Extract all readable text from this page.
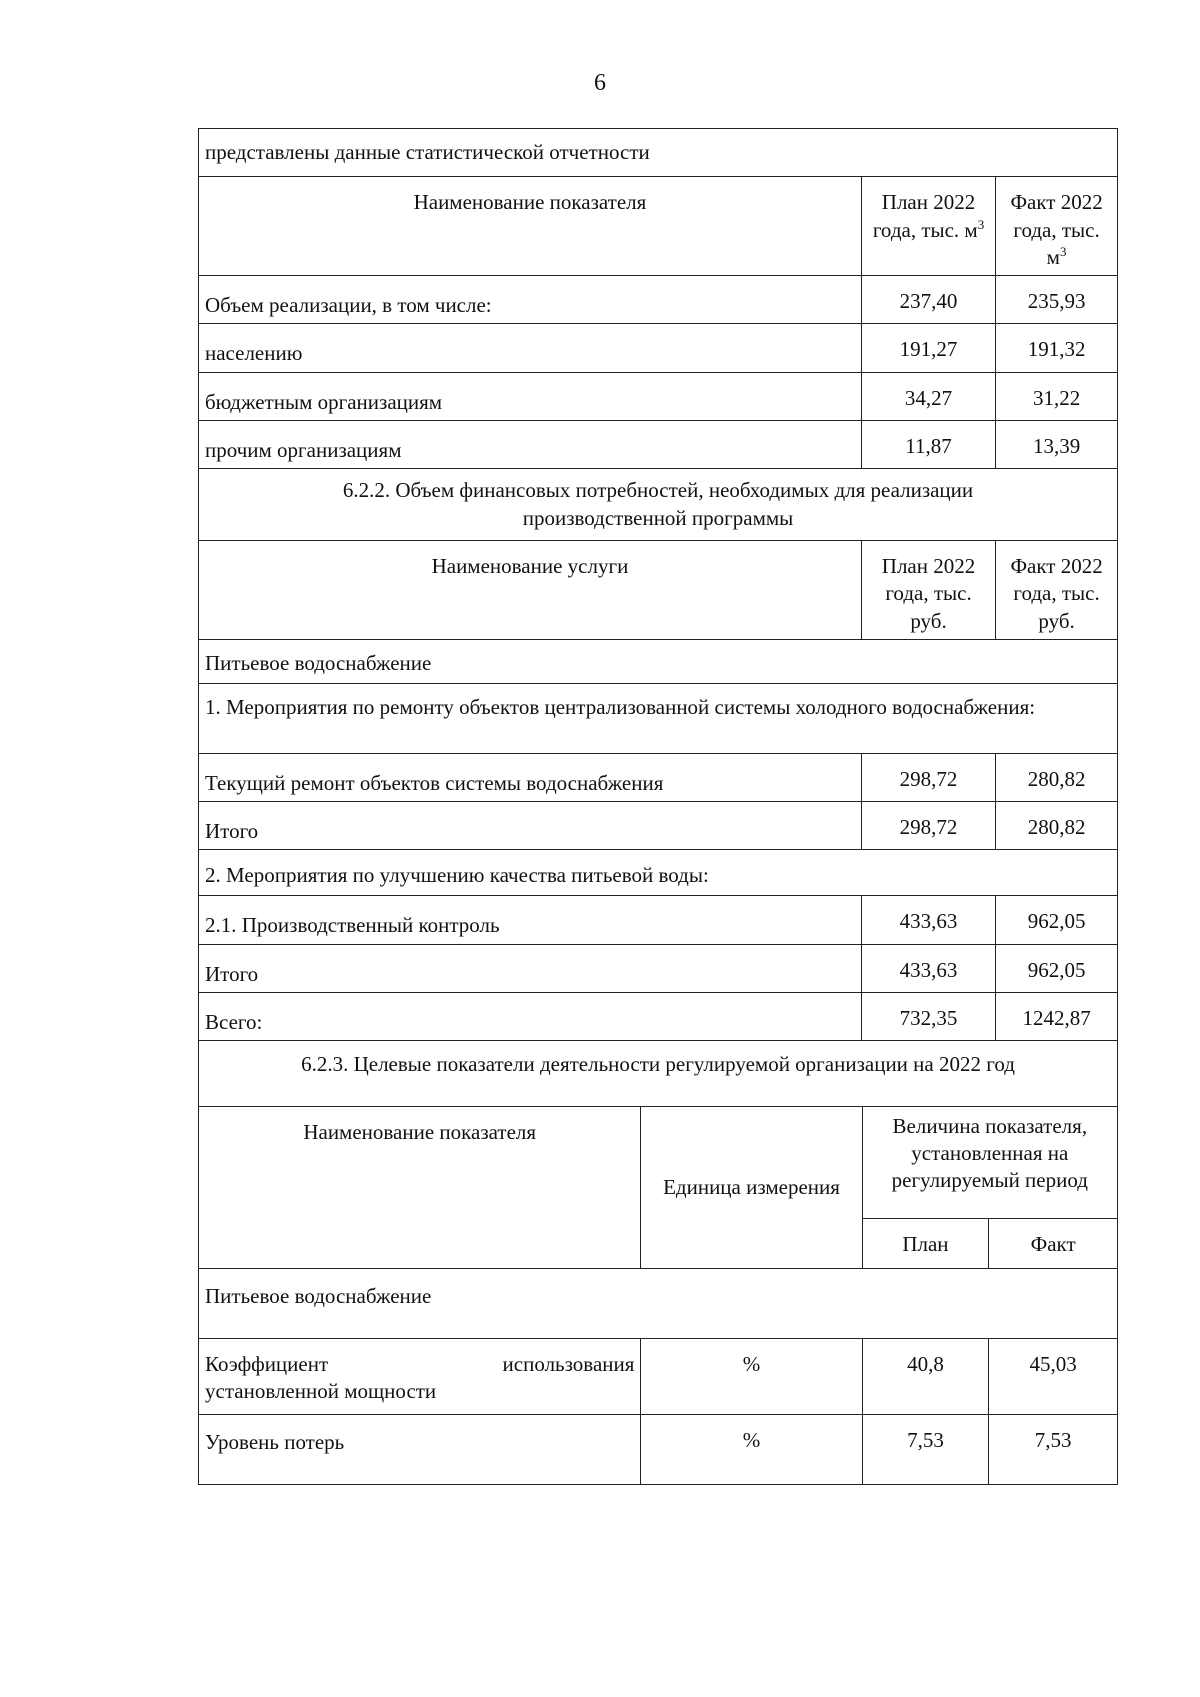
6
представлены данные статистической отчетности		
Наименование показателя	План 2022 года, тыс. $м^3$	Факт 2022 года, тыс. $м^3$
Объем реализации, в том числе:	237,40	235,93
населению	191,27	191,32
бюджетным организациям	34,27	31,22
прочим организациям	11,87	13,39
6.2.2. Объем финансовых потребностей, необходимых для реализации производственной программы		
Наименование услуги	План 2022 года, тыс. руб.	Факт 2022 года, тыс. руб.
Питьевое водоснабжение		
1. Мероприятия по ремонту объектов централизованной системы холодного водоснабжения:		
Текущий ремонт объектов системы водоснабжения	298,72	280,82
Итого	298,72	280,82
2. Мероприятия по улучшению качества питьевой воды:		
2.1. Производственный контроль	433,63	962,05
Итого	433,63	962,05
Всего:	732,35	1242,87
6.2.3. Целевые показатели деятельности регулируемой организации на 2022 год		
Наименование показателя	Единица измерения	Величина показателя, установленная на регулируемый период	
		План	Факт
Питьевое водоснабжение			

Коэффициент использования
установленной мощности	%	40,8	45,03

Уровень потерь	%	7,53	7,53
